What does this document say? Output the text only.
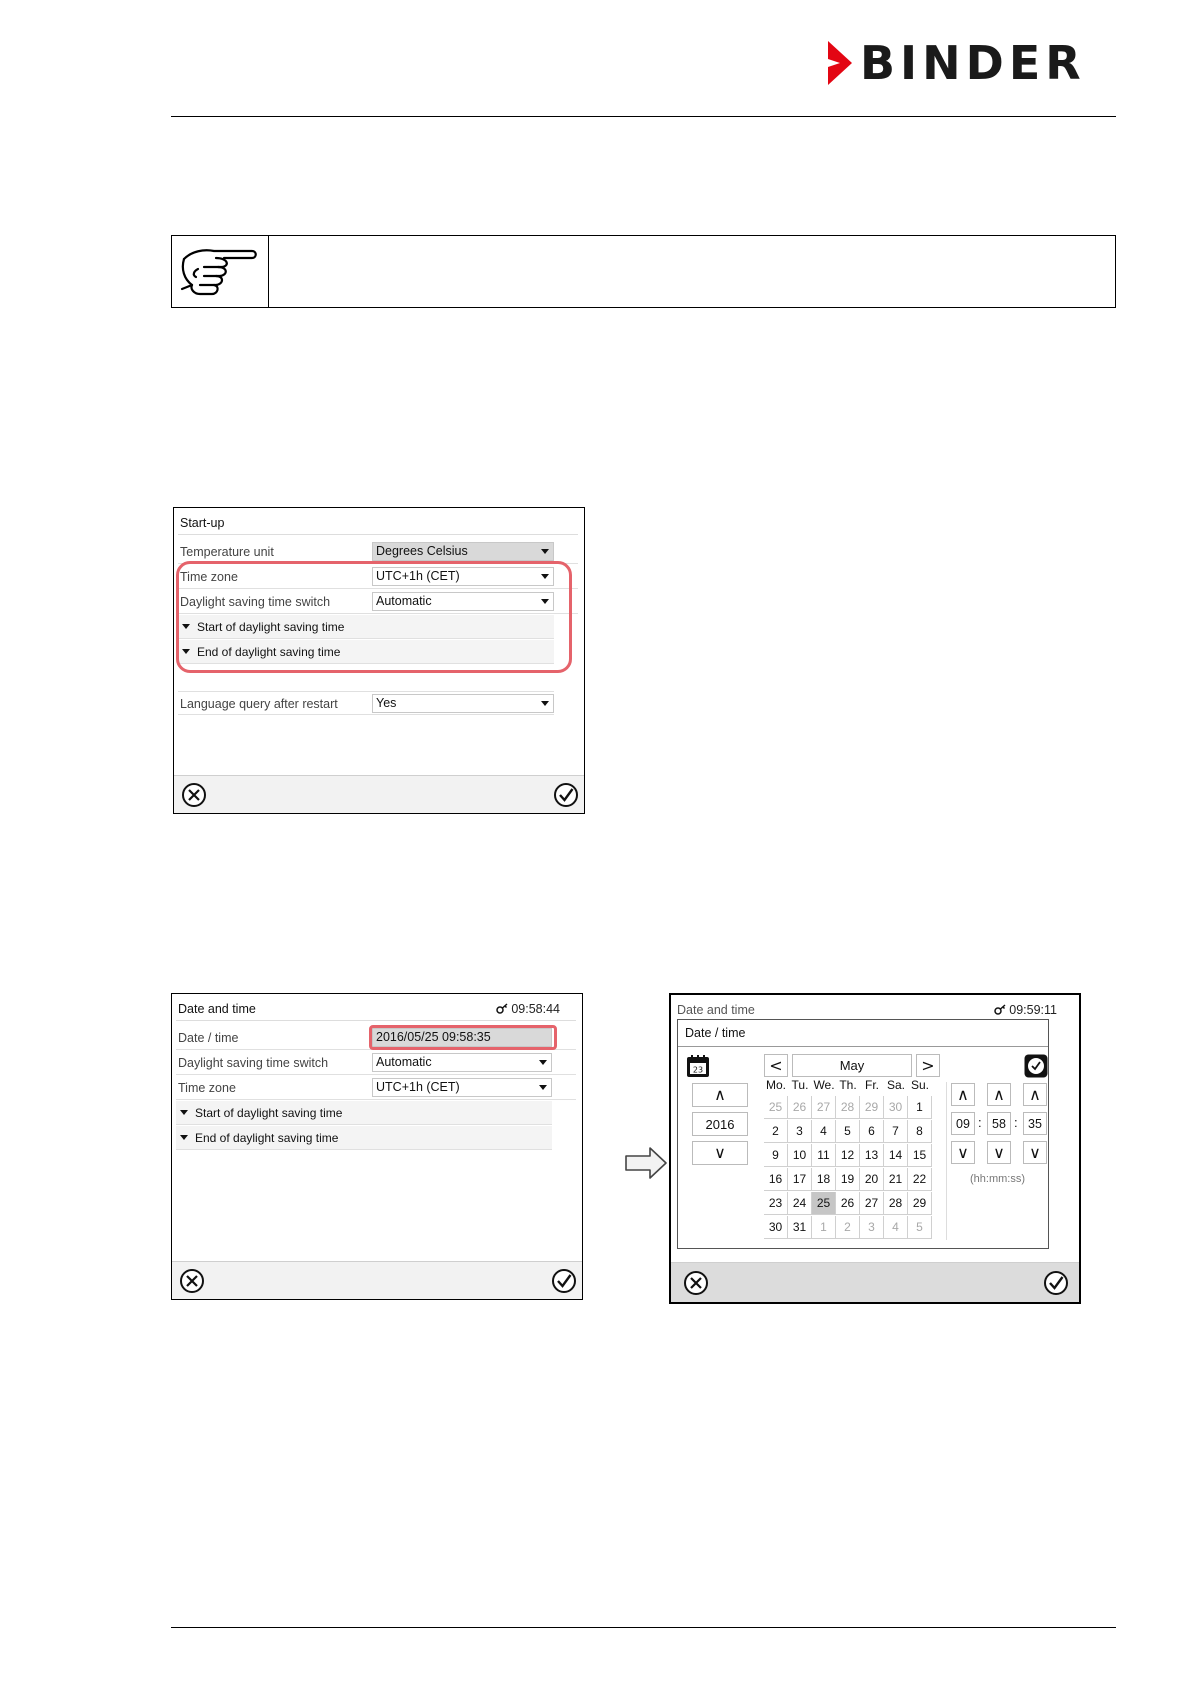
BINDER
Start-up
Temperature unit	Degrees Celsius
Time zone	UTC+1h (CET)
Daylight saving time switch	Automatic
Start of daylight saving time
End of daylight saving time
Language query after restart	Yes
Date and time	09:58:44
Date / time	2016/05/25 09:58:35
Daylight saving time switch	Automatic
Time zone	UTC+1h (CET)
Start of daylight saving time
End of daylight saving time
Date and time	09:59:11
Date / time
23
∧
2016
∨
<	May	>
Mo. Tu. We. Th. Fr. Sa. Su.
25 26 27 28 29 30	1
2	3	4	5	6	7	8
9	10 11 12 13 14 15
16 17 18 19 20 21 22
23 24 25 26 27 28 29
30 31	1	2	3	4	5
∧ ∧ ∧
09 : 58 : 35
∨ ∨ ∨
(hh:mm:ss)
